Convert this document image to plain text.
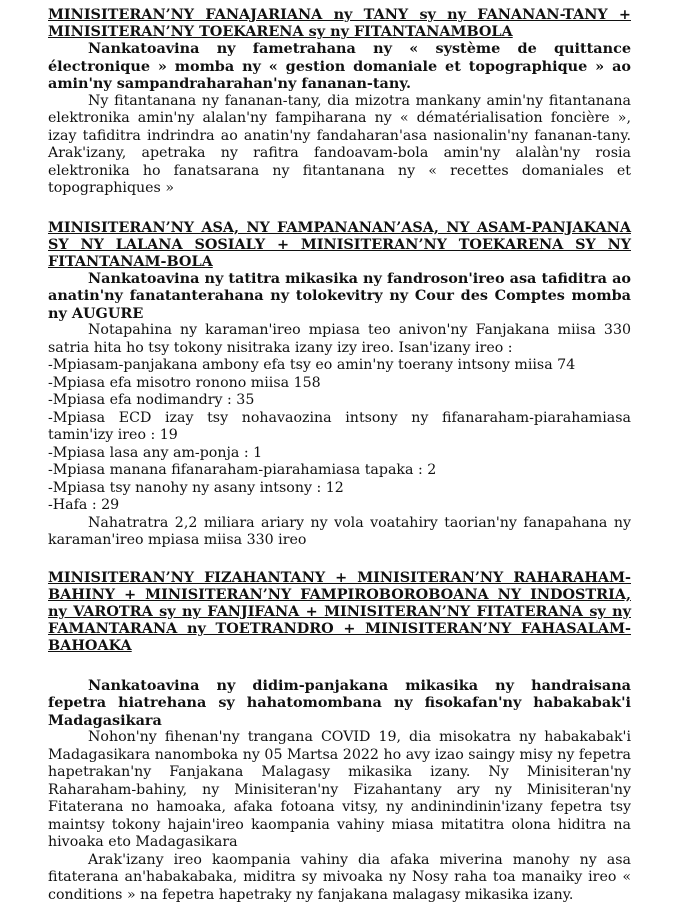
MINISITERAN’NY FANAJARIANA ny TANY sy ny FANANAN-TANY + MINISITERAN’NY TOEKARENA sy ny FITANTANAMBOLA

Nankatoavina ny fametrahana ny « système de quittance électronique » momba ny « gestion domaniale et topographique » ao amin'ny sampandraharahan'ny fananan-tany.

Ny fitantanana ny fananan-tany, dia mizotra mankany amin'ny fitantanana elektronika amin'ny alalan'ny fampiharana ny « dématérialisation foncière », izay tafiditra indrindra ao anatin'ny fandaharan'asa nasionalin'ny fananan-tany. Arak'izany, apetraka ny rafitra fandoavam-bola amin'ny alalàn'ny rosia elektronika ho fanatsarana ny fitantanana ny « recettes domaniales et topographiques »

MINISITERAN’NY ASA, NY FAMPANANAN’ASA, NY ASAM-PANJAKANA SY NY LALANA SOSIALY + MINISITERAN’NY TOEKARENA SY NY FITANTANAM-BOLA

Nankatoavina ny tatitra mikasika ny fandroson'ireo asa tafiditra ao anatin'ny fanatanterahana ny tolokevitry ny Cour des Comptes momba ny AUGURE

Notapahina ny karaman'ireo mpiasa teo anivon'ny Fanjakana miisa 330 satria hita ho tsy tokony nisitraka izany izy ireo. Isan'izany ireo :

-Mpiasam-panjakana ambony efa tsy eo amin'ny toerany intsony miisa 74
-Mpiasa efa misotro ronono miisa 158
-Mpiasa efa nodimandry : 35
-Mpiasa ECD izay tsy nohavaozina intsony ny fifanaraham-piarahamiasa tamin'izy ireo : 19
-Mpiasa lasa any am-ponja : 1
-Mpiasa manana fifanaraham-piarahamiasa tapaka : 2
-Mpiasa tsy nanohy ny asany intsony : 12
-Hafa : 29

Nahatratra 2,2 miliara ariary ny vola voatahiry taorian'ny fanapahana ny karaman'ireo mpiasa miisa 330 ireo

MINISITERAN’NY FIZAHANTANY + MINISITERAN’NY RAHARAHAM-BAHINY + MINISITERAN’NY FAMPIROBOROBOANA NY INDOSTRIA, ny VAROTRA sy ny FANJIFANA + MINISITERAN’NY FITATERANA sy ny FAMANTARANA ny TOETRANDRO + MINISITERAN’NY FAHASALAM-BAHOAKA

Nankatoavina ny didim-panjakana mikasika ny handraisana fepetra hiatrehana sy hahatomombana ny fisokafan'ny habakabak'i Madagasikara

Nohon'ny fihenan'ny trangana COVID 19, dia misokatra ny habakabak'i Madagasikara nanomboka ny 05 Martsa 2022 ho avy izao saingy misy ny fepetra hapetrakan'ny Fanjakana Malagasy mikasika izany. Ny Minisiteran'ny Raharaham-bahiny, ny Minisiteran'ny Fizahantany ary ny Minisiteran'ny Fitaterana no hamoaka, afaka fotoana vitsy, ny andinindinin'izany fepetra tsy maintsy tokony hajain'ireo kaompania vahiny miasa mitatitra olona hiditra na hivoaka eto Madagasikara

Arak'izany ireo kaompania vahiny dia afaka miverina manohy ny asa fitaterana an'habakabaka, miditra sy mivoaka ny Nosy raha toa manaiky ireo « conditions » na fepetra hapetraky ny fanjakana malagasy mikasika izany.
